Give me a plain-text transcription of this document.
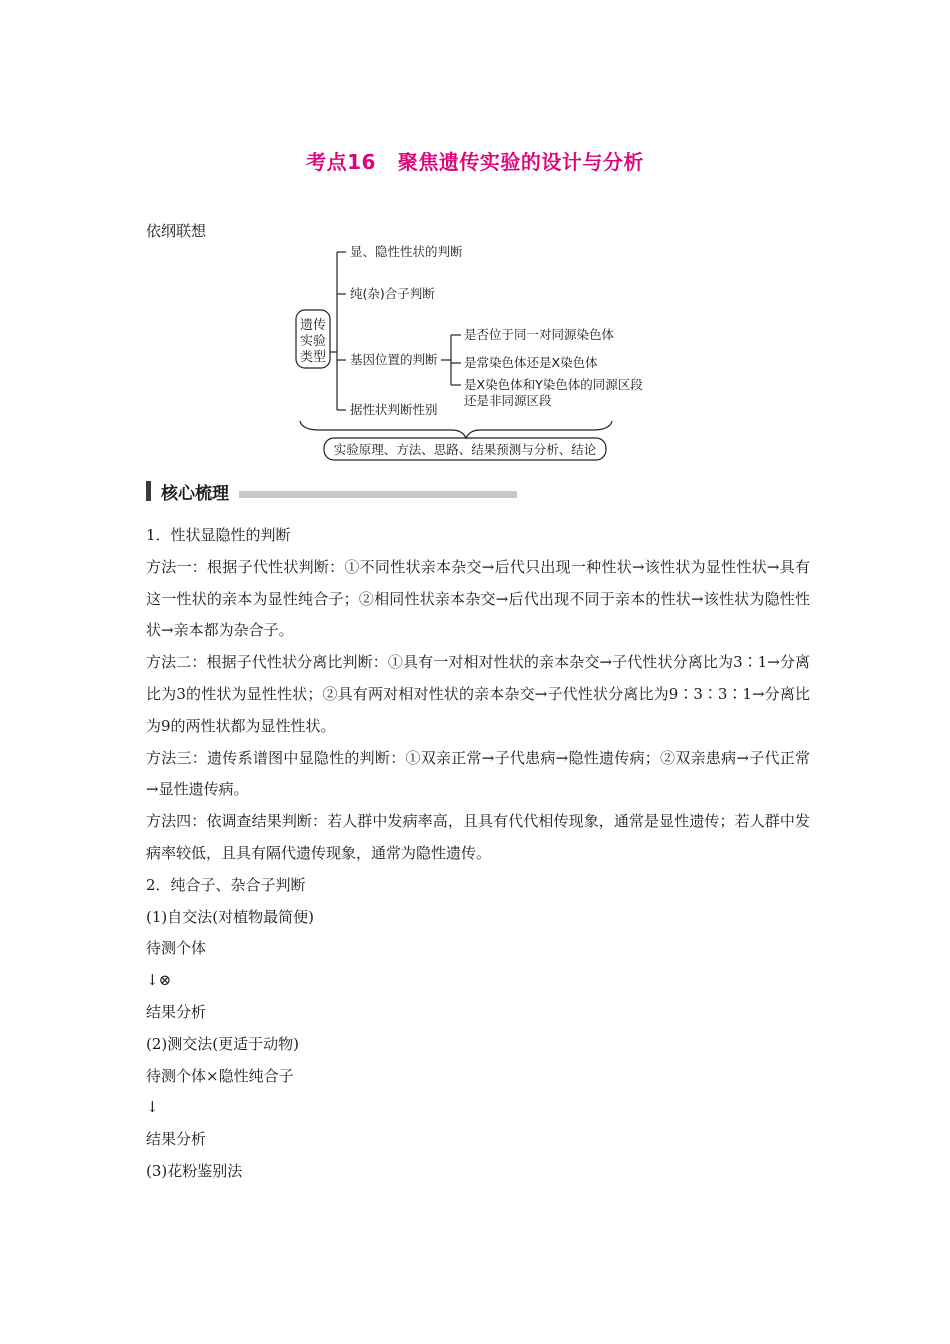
考点16 聚焦遗传实验的设计与分析
依纲联想
遗传
实验
类型
显、隐性性状的判断
纯(杂)合子判断
基因位置的判断
据性状判断性别
是否位于同一对同源染色体
是常染色体还是X染色体
是X染色体和Y染色体的同源区段
还是非同源区段
实验原理、方法、思路、结果预测与分析、结论
核心梳理

1．性状显隐性的判断

方法一：根据子代性状判断：①不同性状亲本杂交→后代只出现一种性状→该性状为显性性状→具有这一性状的亲本为显性纯合子；②相同性状亲本杂交→后代出现不同于亲本的性状→该性状为隐性性状→亲本都为杂合子。

方法二：根据子代性状分离比判断：①具有一对相对性状的亲本杂交→子代性状分离比为3∶1→分离比为3的性状为显性性状；②具有两对相对性状的亲本杂交→子代性状分离比为9∶3∶3∶1→分离比为9的两性状都为显性性状。

方法三：遗传系谱图中显隐性的判断：①双亲正常→子代患病→隐性遗传病；②双亲患病→子代正常→显性遗传病。

方法四：依调查结果判断：若人群中发病率高，且具有代代相传现象，通常是显性遗传；若人群中发病率较低，且具有隔代遗传现象，通常为隐性遗传。

2．纯合子、杂合子判断

(1)自交法(对植物最简便)

待测个体

↓⊗

结果分析

(2)测交法(更适于动物)

待测个体×隐性纯合子

↓

结果分析

(3)花粉鉴别法
